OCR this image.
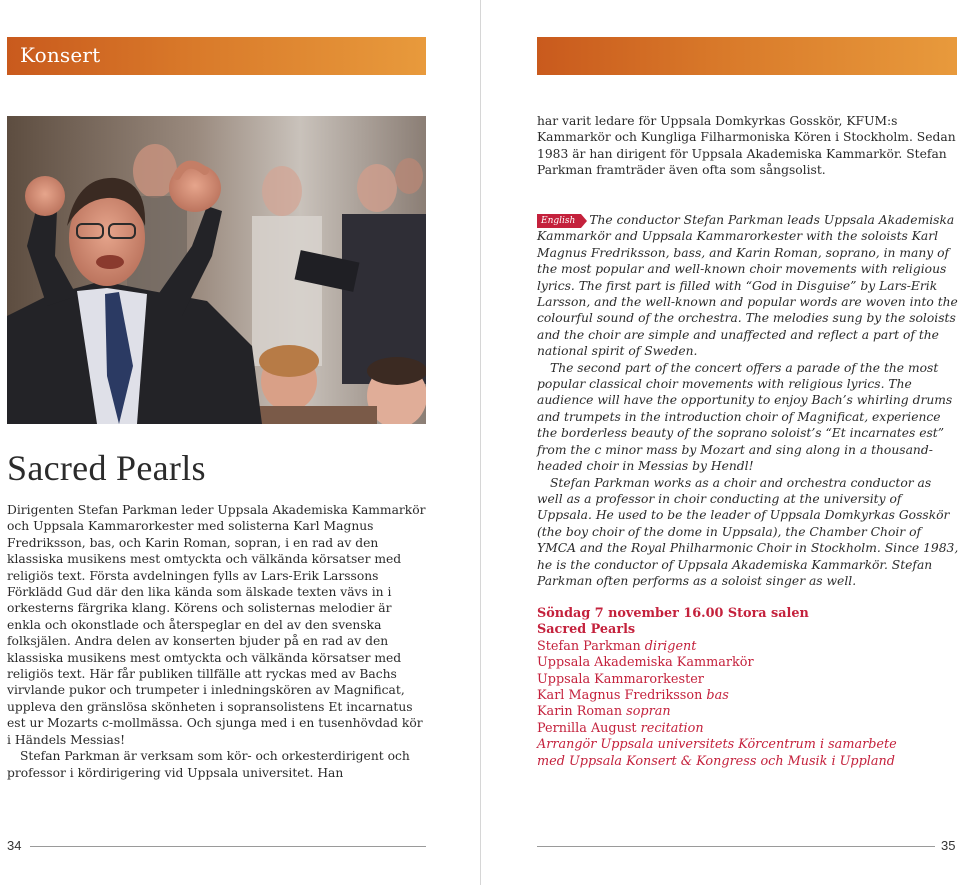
Konsert
Sacred Pearls

Dirigenten Stefan Parkman leder Uppsala Akademiska Kammarkör och Uppsala Kammarorkester med solisterna Karl Magnus Fredriksson, bas, och Karin Roman, sopran, i en rad av den klassiska musikens mest omtyckta och välkända körsatser med religiös text. Första avdelningen fylls av Lars-Erik Larssons Förklädd Gud där den lika kända som älskade texten vävs in i orkesterns färgrika klang. Körens och solisternas melodier är enkla och okonstlade och återspeglar en del av den svenska folksjälen. Andra delen av konserten bjuder på en rad av den klassiska musikens mest omtyckta och välkända körsatser med religiös text. Här får publiken tillfälle att ryckas med av Bachs virvlande pukor och trumpeter i inledningskören av Magnificat, uppleva den gränslösa skönheten i sopransolistens Et incarnatus est ur Mozarts c-mollmässa. Och sjunga med i en tusenhövdad kör i Händels Messias!

Stefan Parkman är verksam som kör- och orkesterdirigent och professor i kördirigering vid Uppsala universitet. Han

har varit ledare för Uppsala Domkyrkas Gosskör, KFUM:s Kammarkör och Kungliga Filharmoniska Kören i Stockholm. Sedan 1983 är han dirigent för Uppsala Akademiska Kammarkör. Stefan Parkman framträder även ofta som sångsolist.

English The conductor Stefan Parkman leads Uppsala Akademiska Kammarkör and Uppsala Kammarorkester with the soloists Karl Magnus Fredriksson, bass, and Karin Roman, soprano, in many of the most popular and well-known choir movements with religious lyrics. The first part is filled with “God in Disguise” by Lars-Erik Larsson, and the well-known and popular words are woven into the colourful sound of the orchestra. The melodies sung by the soloists and the choir are simple and unaffected and reflect a part of the national spirit of Sweden.

The second part of the concert offers a parade of the the most popular classical choir movements with religious lyrics. The audience will have the opportunity to enjoy Bach’s whirling drums and trumpets in the introduction choir of Magnificat, experience the borderless beauty of the soprano soloist’s “Et incarnates est” from the c minor mass by Mozart and sing along in a thousand-headed choir in Messias by Hendl!

Stefan Parkman works as a choir and orchestra conductor as well as a professor in choir conducting at the university of Uppsala. He used to be the leader of Uppsala Domkyrkas Gosskör (the boy choir of the dome in Uppsala), the Chamber Choir of YMCA and the Royal Philharmonic Choir in Stockholm. Since 1983, he is the conductor of Uppsala Akademiska Kammarkör. Stefan Parkman often performs as a soloist singer as well.

Söndag 7 november 16.00 Stora salen
Sacred Pearls
Stefan Parkman dirigent
Uppsala Akademiska Kammarkör
Uppsala Kammarorkester
Karl Magnus Fredriksson bas
Karin Roman sopran
Pernilla August recitation
Arrangör Uppsala universitets Körcentrum i samarbete
med Uppsala Konsert & Kongress och Musik i Uppland
34	35
